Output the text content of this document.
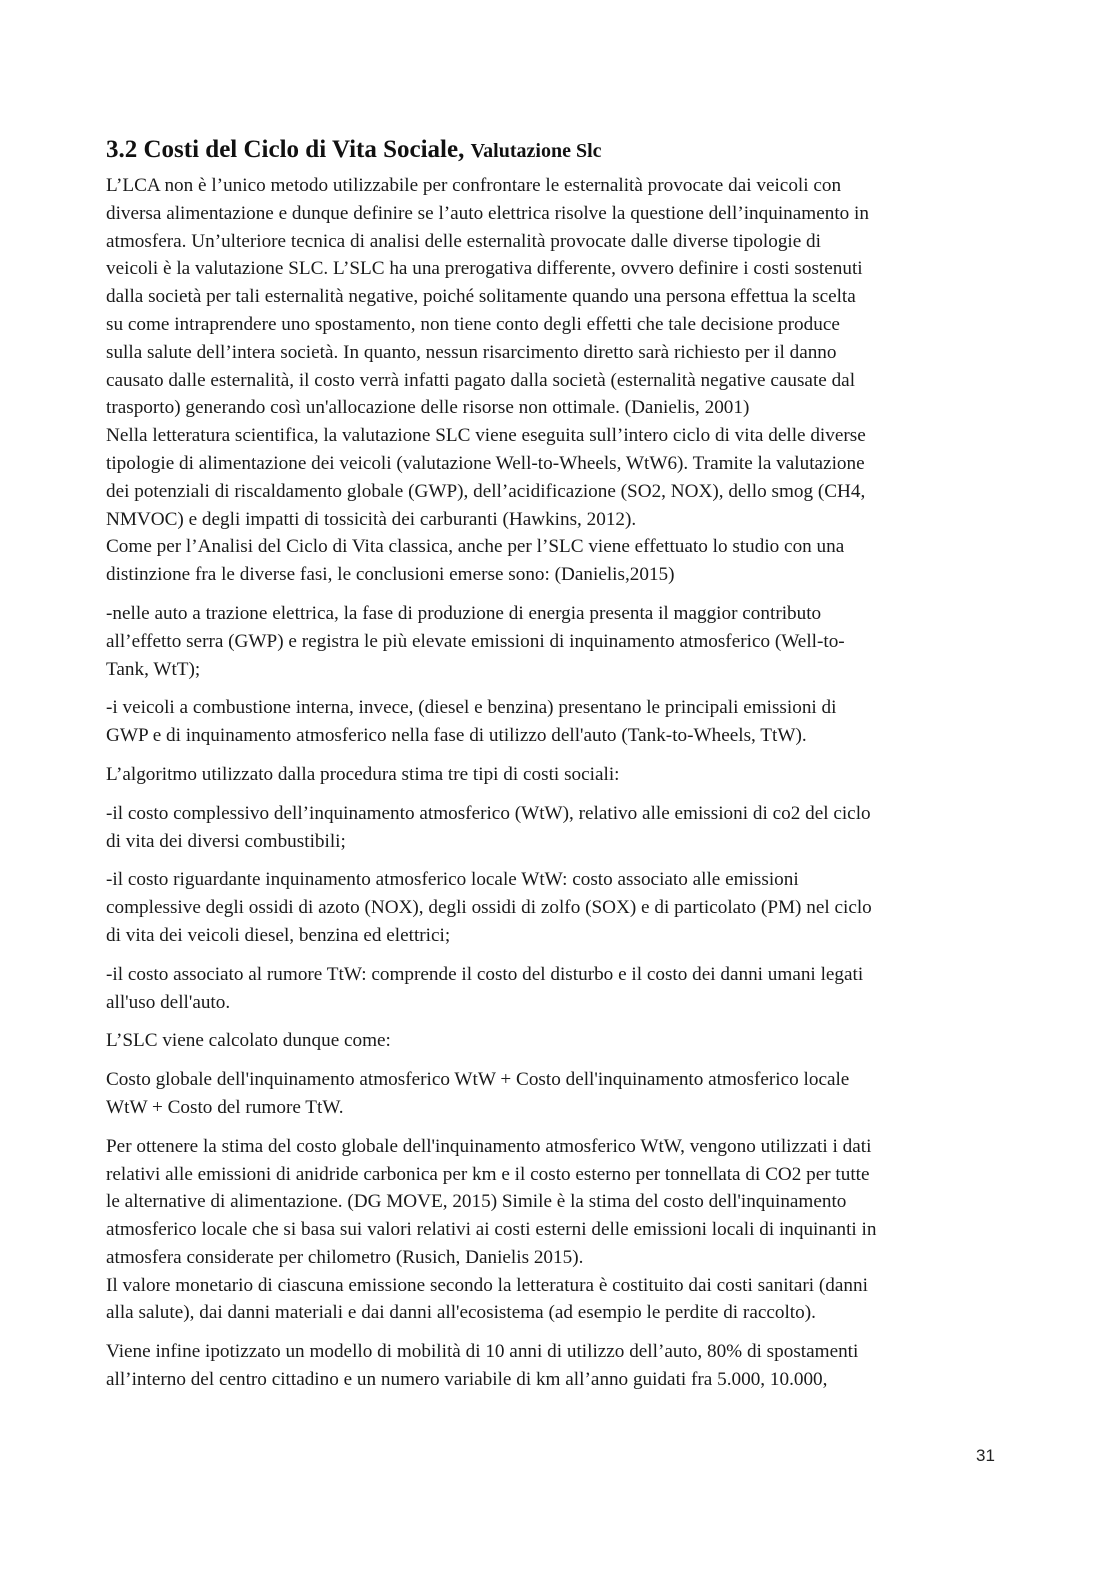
3.2 Costi del Ciclo di Vita Sociale, Valutazione Slc
L’LCA non è l’unico metodo utilizzabile per confrontare le esternalità provocate dai veicoli con
diversa alimentazione e dunque definire se l’auto elettrica risolve la questione dell’inquinamento in
atmosfera. Un’ulteriore tecnica di analisi delle esternalità provocate dalle diverse tipologie di
veicoli è la valutazione SLC. L’SLC ha una prerogativa differente, ovvero definire i costi sostenuti
dalla società per tali esternalità negative, poiché solitamente quando una persona effettua la scelta
su come intraprendere uno spostamento, non tiene conto degli effetti che tale decisione produce
sulla salute dell’intera società. In quanto, nessun risarcimento diretto sarà richiesto per il danno
causato dalle esternalità, il costo verrà infatti pagato dalla società (esternalità negative causate dal
trasporto) generando così un'allocazione delle risorse non ottimale. (Danielis, 2001)
Nella letteratura scientifica, la valutazione SLC viene eseguita sull’intero ciclo di vita delle diverse
tipologie di alimentazione dei veicoli (valutazione Well-to-Wheels, WtW6). Tramite la valutazione
dei potenziali di riscaldamento globale (GWP), dell’acidificazione (SO2, NOX), dello smog (CH4,
NMVOC) e degli impatti di tossicità dei carburanti (Hawkins, 2012).
Come per l’Analisi del Ciclo di Vita classica, anche per l’SLC viene effettuato lo studio con una
distinzione fra le diverse fasi, le conclusioni emerse sono: (Danielis,2015)
-nelle auto a trazione elettrica, la fase di produzione di energia presenta il maggior contributo
all’effetto serra (GWP) e registra le più elevate emissioni di inquinamento atmosferico (Well-to-
Tank, WtT);
-i veicoli a combustione interna, invece, (diesel e benzina) presentano le principali emissioni di
GWP e di inquinamento atmosferico nella fase di utilizzo dell'auto (Tank-to-Wheels, TtW).
L’algoritmo utilizzato dalla procedura stima tre tipi di costi sociali:
-il costo complessivo dell’inquinamento atmosferico (WtW), relativo alle emissioni di co2 del ciclo
di vita dei diversi combustibili;
-il costo riguardante inquinamento atmosferico locale WtW: costo associato alle emissioni
complessive degli ossidi di azoto (NOX), degli ossidi di zolfo (SOX) e di particolato (PM) nel ciclo
di vita dei veicoli diesel, benzina ed elettrici;
-il costo associato al rumore TtW: comprende il costo del disturbo e il costo dei danni umani legati
all'uso dell'auto.
L’SLC viene calcolato dunque come:
Costo globale dell'inquinamento atmosferico WtW + Costo dell'inquinamento atmosferico locale
WtW + Costo del rumore TtW.
Per ottenere la stima del costo globale dell'inquinamento atmosferico WtW, vengono utilizzati i dati
relativi alle emissioni di anidride carbonica per km e il costo esterno per tonnellata di CO2 per tutte
le alternative di alimentazione. (DG MOVE, 2015) Simile è la stima del costo dell'inquinamento
atmosferico locale che si basa sui valori relativi ai costi esterni delle emissioni locali di inquinanti in
atmosfera considerate per chilometro (Rusich, Danielis 2015).
Il valore monetario di ciascuna emissione secondo la letteratura è costituito dai costi sanitari (danni
alla salute), dai danni materiali e dai danni all'ecosistema (ad esempio le perdite di raccolto).
Viene infine ipotizzato un modello di mobilità di 10 anni di utilizzo dell’auto, 80% di spostamenti
all’interno del centro cittadino e un numero variabile di km all’anno guidati fra 5.000, 10.000,
31
